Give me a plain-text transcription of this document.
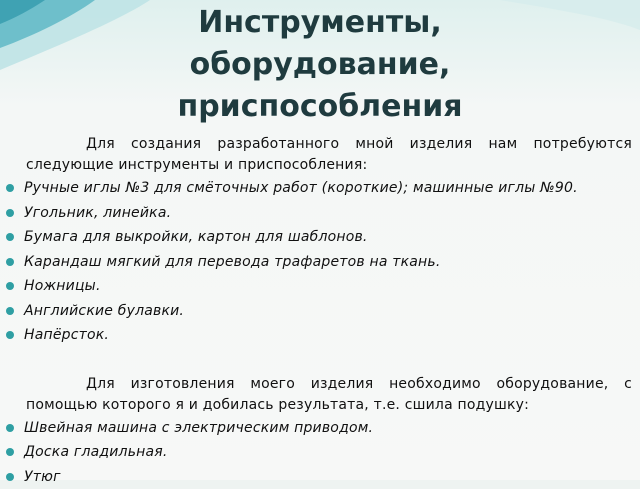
Инструменты,
оборудование,
приспособления

Для создания разработанного мной изделия нам потребуются следующие инструменты и приспособления:

Ручные иглы №3 для смёточных работ (короткие); машинные иглы №90.
Угольник, линейка.
Бумага для выкройки, картон для шаблонов.
Карандаш мягкий для перевода трафаретов на ткань.
Ножницы.
Английские булавки.
Напёрсток.

Для изготовления моего изделия необходимо оборудование, с помощью которого я и добилась результата, т.е. сшила подушку:

Швейная машина с электрическим приводом.
Доска гладильная.
Утюг
